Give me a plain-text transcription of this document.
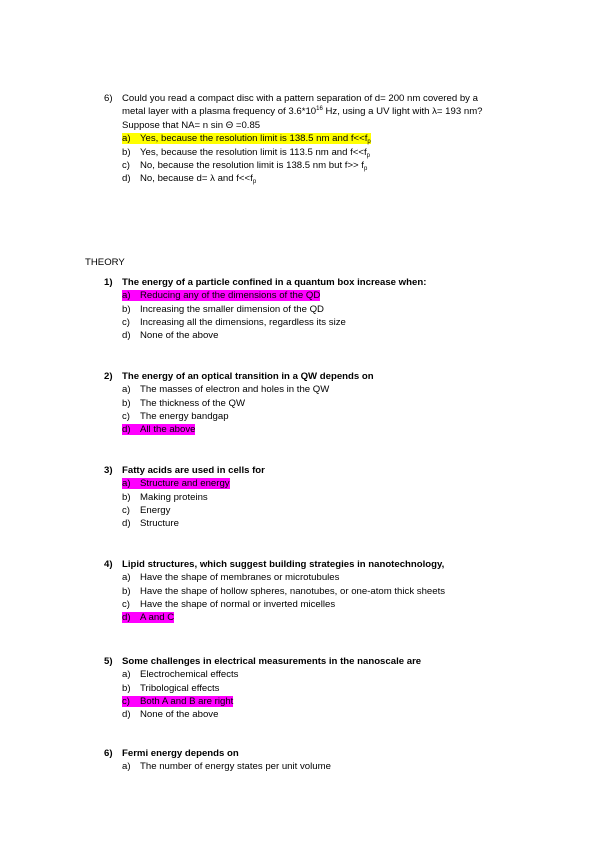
6) Could you read a compact disc with a pattern separation of d= 200 nm covered by a
metal layer with a plasma frequency of $3.6*10^{16}$ Hz, using a UV light with λ= 193 nm?
Suppose that NA= n sin Θ =0.85
a) Yes, because the resolution limit is 138.5 nm and $f<<f_p$
b) Yes, because the resolution limit is 113.5 nm and $f<<f_p$
c) No, because the resolution limit is 138.5 nm but $f>> f_p$
d) No, because d= λ and $f<<f_p$
THEORY
1) The energy of a particle confined in a quantum box increase when:
a) Reducing any of the dimensions of the QD
b) Increasing the smaller dimension of the QD
c) Increasing all the dimensions, regardless its size
d) None of the above
2) The energy of an optical transition in a QW depends on
a) The masses of electron and holes in the QW
b) The thickness of the QW
c) The energy bandgap
d) All the above
3) Fatty acids are used in cells for
a) Structure and energy
b) Making proteins
c) Energy
d) Structure
4) Lipid structures, which suggest building strategies in nanotechnology,
a) Have the shape of membranes or microtubules
b) Have the shape of hollow spheres, nanotubes, or one-atom thick sheets
c) Have the shape of normal or inverted micelles
d) A and C
5) Some challenges in electrical measurements in the nanoscale are
a) Electrochemical effects
b) Tribological effects
c) Both A and B are right
d) None of the above
6) Fermi energy depends on
a) The number of energy states per unit volume
